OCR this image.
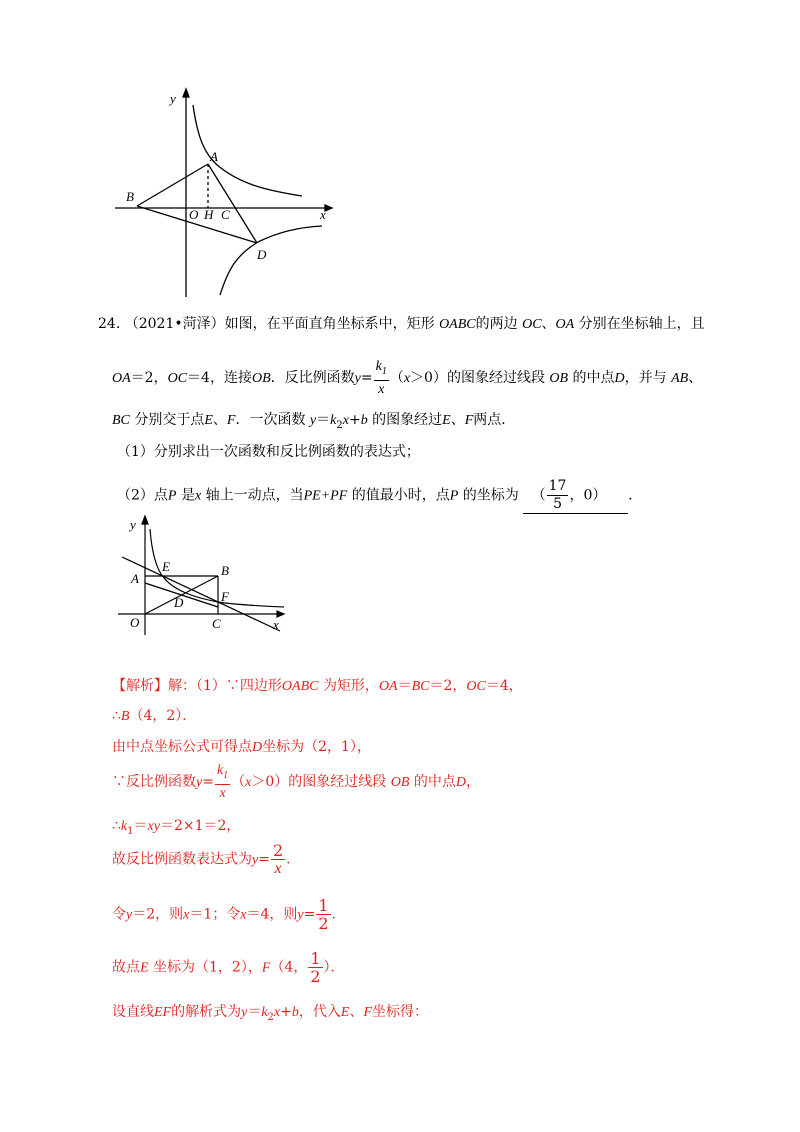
y
x
A
B
O H C
D
24. （2021•菏泽）如图，在平面直角坐标系中，矩形 OABC的两边 OC、OA 分别在坐标轴上，且
OA＝2，OC＝4，连接OB．反比例函数$y= \frac{k_1}{x} (x>0)$的图象经过线段 OB 的中点D，并与 AB、
BC 分别交于点E、F．一次函数 $y=k_2x+b$ 的图象经过E、F两点．
（1）分别求出一次函数和反比例函数的表达式；
（2）点P 是x 轴上一动点，当PE+PF 的值最小时，点P 的坐标为 （ $\frac{17}{5}$ ，0） ．
y
x
A
B
O	C
D
E
F
【解析】解：（1）∵四边形OABC 为矩形，OA＝BC＝2，OC＝4，
∴B（4，2）．
由中点坐标公式可得点D坐标为（2，1），
∵反比例函数$y= \frac{k_1}{x} (x>0)$的图象经过线段 OB 的中点D，
$\therefore k_1=xy=2\times 1=2$，
故反比例函数表达式为$y= \frac{2}{x}$ .
令y＝2，则x＝1；令x＝4，则$y= \frac{1}{2}$ .
故点E 坐标为（1，2），F（4， $\frac{1}{2}$ ）．
设直线EF的解析式为$y=k_2x+b$，代入E、F坐标得：
